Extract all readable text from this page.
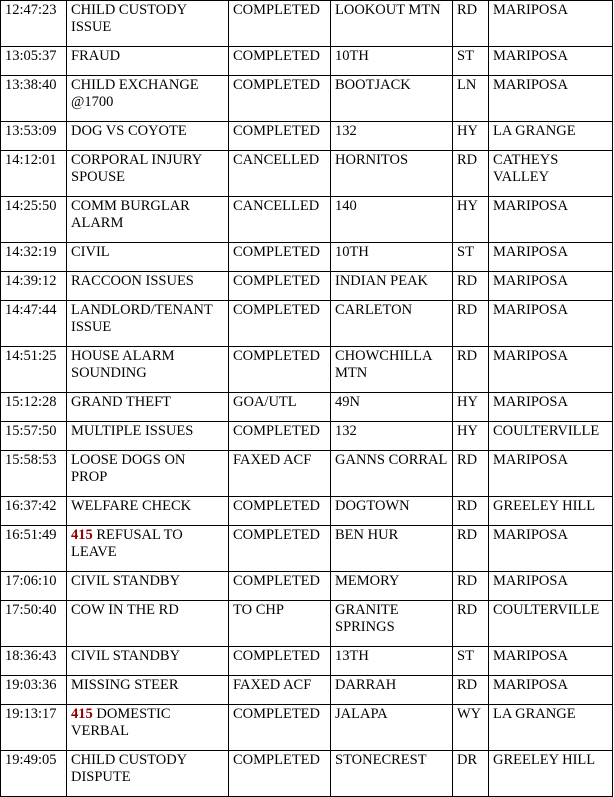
12:47:23	CHILD CUSTODY ISSUE	COMPLETED	LOOKOUT MTN	RD	MARIPOSA
13:05:37	FRAUD	COMPLETED	10TH	ST	MARIPOSA
13:38:40	CHILD EXCHANGE @1700	COMPLETED	BOOTJACK	LN	MARIPOSA
13:53:09	DOG VS COYOTE	COMPLETED	132	HY	LA GRANGE
14:12:01	CORPORAL INJURY SPOUSE	CANCELLED	HORNITOS	RD	CATHEYS VALLEY
14:25:50	COMM BURGLAR ALARM	CANCELLED	140	HY	MARIPOSA
14:32:19	CIVIL	COMPLETED	10TH	ST	MARIPOSA
14:39:12	RACCOON ISSUES	COMPLETED	INDIAN PEAK	RD	MARIPOSA
14:47:44	LANDLORD/TENANT ISSUE	COMPLETED	CARLETON	RD	MARIPOSA
14:51:25	HOUSE ALARM SOUNDING	COMPLETED	CHOWCHILLA MTN	RD	MARIPOSA
15:12:28	GRAND THEFT	GOA/UTL	49N	HY	MARIPOSA
15:57:50	MULTIPLE ISSUES	COMPLETED	132	HY	COULTERVILLE
15:58:53	LOOSE DOGS ON PROP	FAXED ACF	GANNS CORRAL	RD	MARIPOSA
16:37:42	WELFARE CHECK	COMPLETED	DOGTOWN	RD	GREELEY HILL
16:51:49	415 REFUSAL TO LEAVE	COMPLETED	BEN HUR	RD	MARIPOSA
17:06:10	CIVIL STANDBY	COMPLETED	MEMORY	RD	MARIPOSA
17:50:40	COW IN THE RD	TO CHP	GRANITE SPRINGS	RD	COULTERVILLE
18:36:43	CIVIL STANDBY	COMPLETED	13TH	ST	MARIPOSA
19:03:36	MISSING STEER	FAXED ACF	DARRAH	RD	MARIPOSA
19:13:17	415 DOMESTIC VERBAL	COMPLETED	JALAPA	WY	LA GRANGE
19:49:05	CHILD CUSTODY DISPUTE	COMPLETED	STONECREST	DR	GREELEY HILL
